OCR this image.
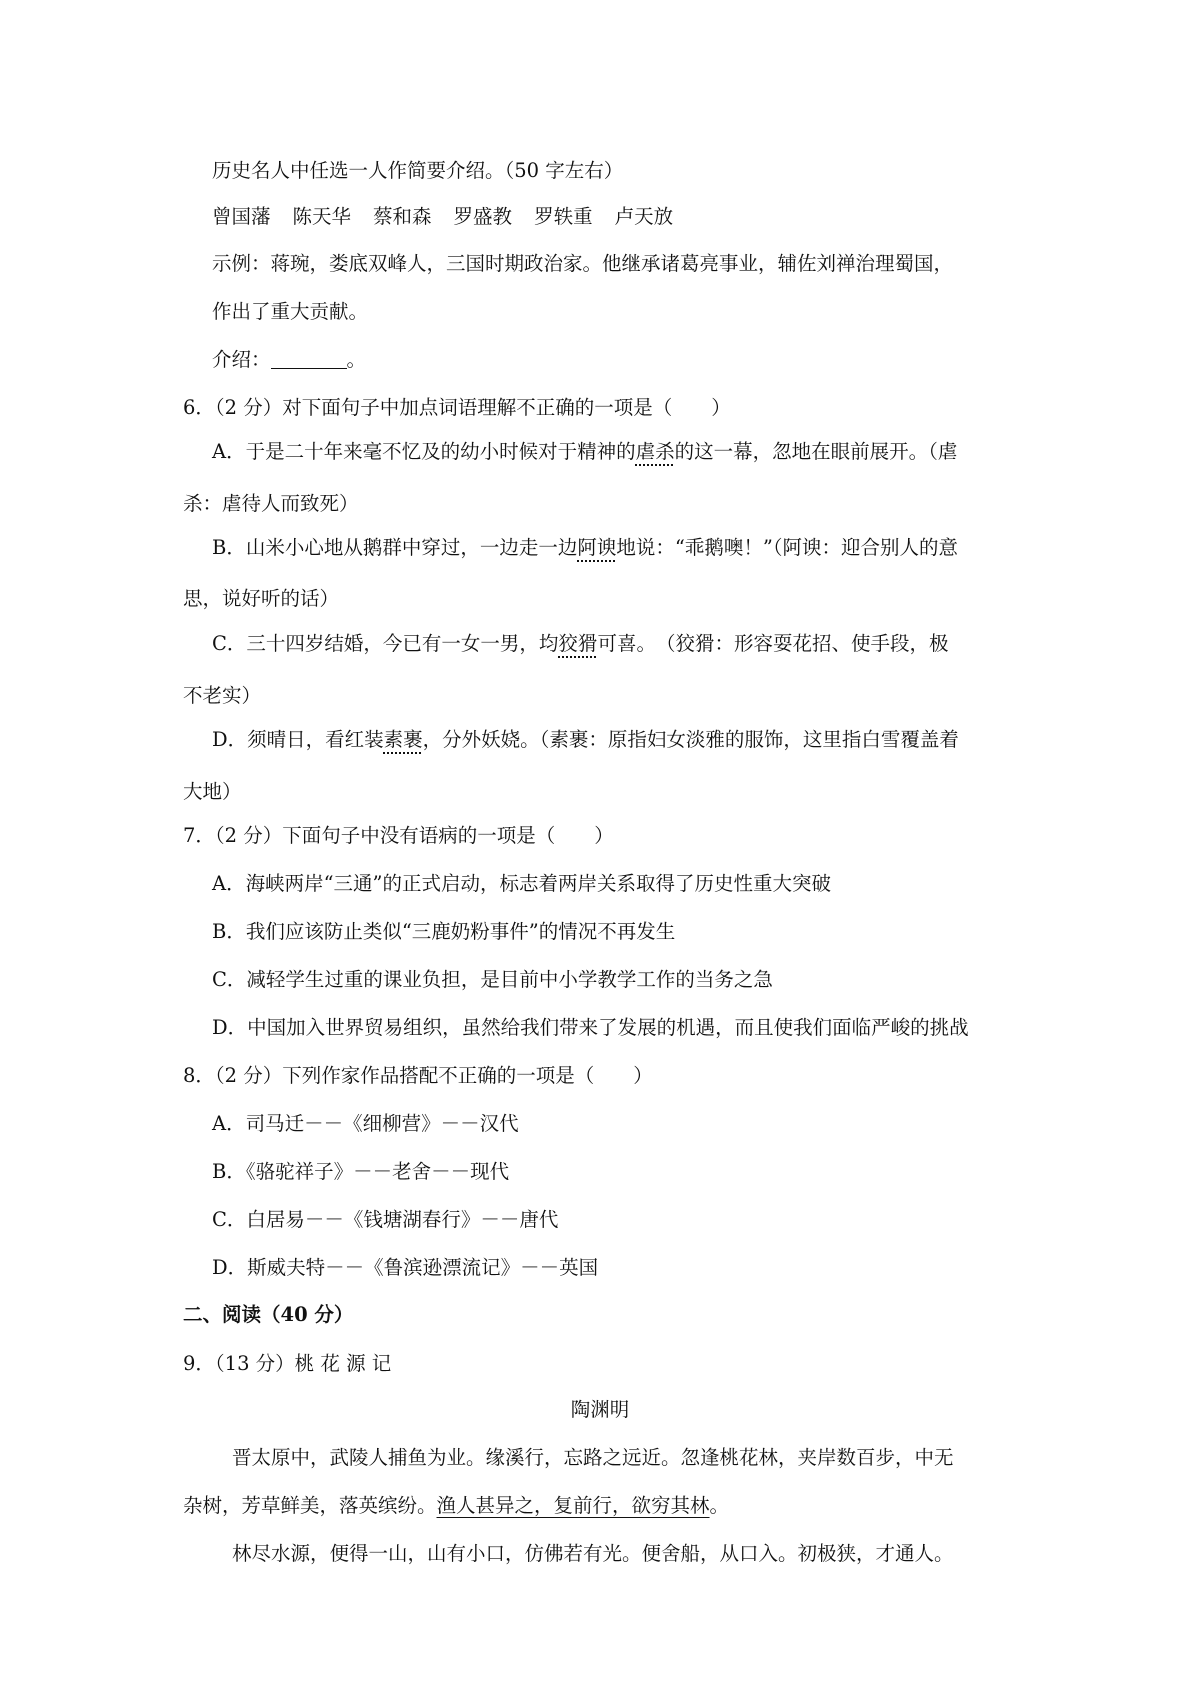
历史名人中任选一人作简要介绍。（50 字左右）
曾国藩 陈天华 蔡和森 罗盛教 罗轶重 卢天放
示例：蒋琬，娄底双峰人，三国时期政治家。他继承诸葛亮事业，辅佐刘禅治理蜀国，
作出了重大贡献。
介绍：	。
6．（2 分）对下面句子中加点词语理解不正确的一项是（　　）
A．于是二十年来毫不忆及的幼小时候对于精神的虐杀的这一幕，忽地在眼前展开。（虐
杀：虐待人而致死）
B．山米小心地从鹅群中穿过，一边走一边阿谀地说：“乖鹅噢！”（阿谀：迎合别人的意
思，说好听的话）
C．三十四岁结婚，今已有一女一男，均狡猾可喜。　（狡猾：形容耍花招、使手段，极
不老实）
D．须晴日，看红装素裹，分外妖娆。（素裹：原指妇女淡雅的服饰，这里指白雪覆盖着
大地）
7．（2 分）下面句子中没有语病的一项是（　　）
A．海峡两岸“三通”的正式启动，标志着两岸关系取得了历史性重大突破
B．我们应该防止类似“三鹿奶粉事件”的情况不再发生
C．减轻学生过重的课业负担，是目前中小学教学工作的当务之急
D．中国加入世界贸易组织，虽然给我们带来了发展的机遇，而且使我们面临严峻的挑战
8．（2 分）下列作家作品搭配不正确的一项是（　　）
A．司马迁－－《细柳营》－－汉代
B．《骆驼祥子》－－老舍－－现代
C．白居易－－《钱塘湖春行》－－唐代
D．斯威夫特－－《鲁滨逊漂流记》－－英国
二、阅读（40 分）
9．（13 分）桃 花 源 记
陶渊明
晋太原中，武陵人捕鱼为业。缘溪行，忘路之远近。忽逢桃花林，夹岸数百步，中无
杂树，芳草鲜美，落英缤纷。渔人甚异之，复前行，欲穷其林。
林尽水源，便得一山，山有小口，仿佛若有光。便舍船，从口入。初极狭，才通人。
